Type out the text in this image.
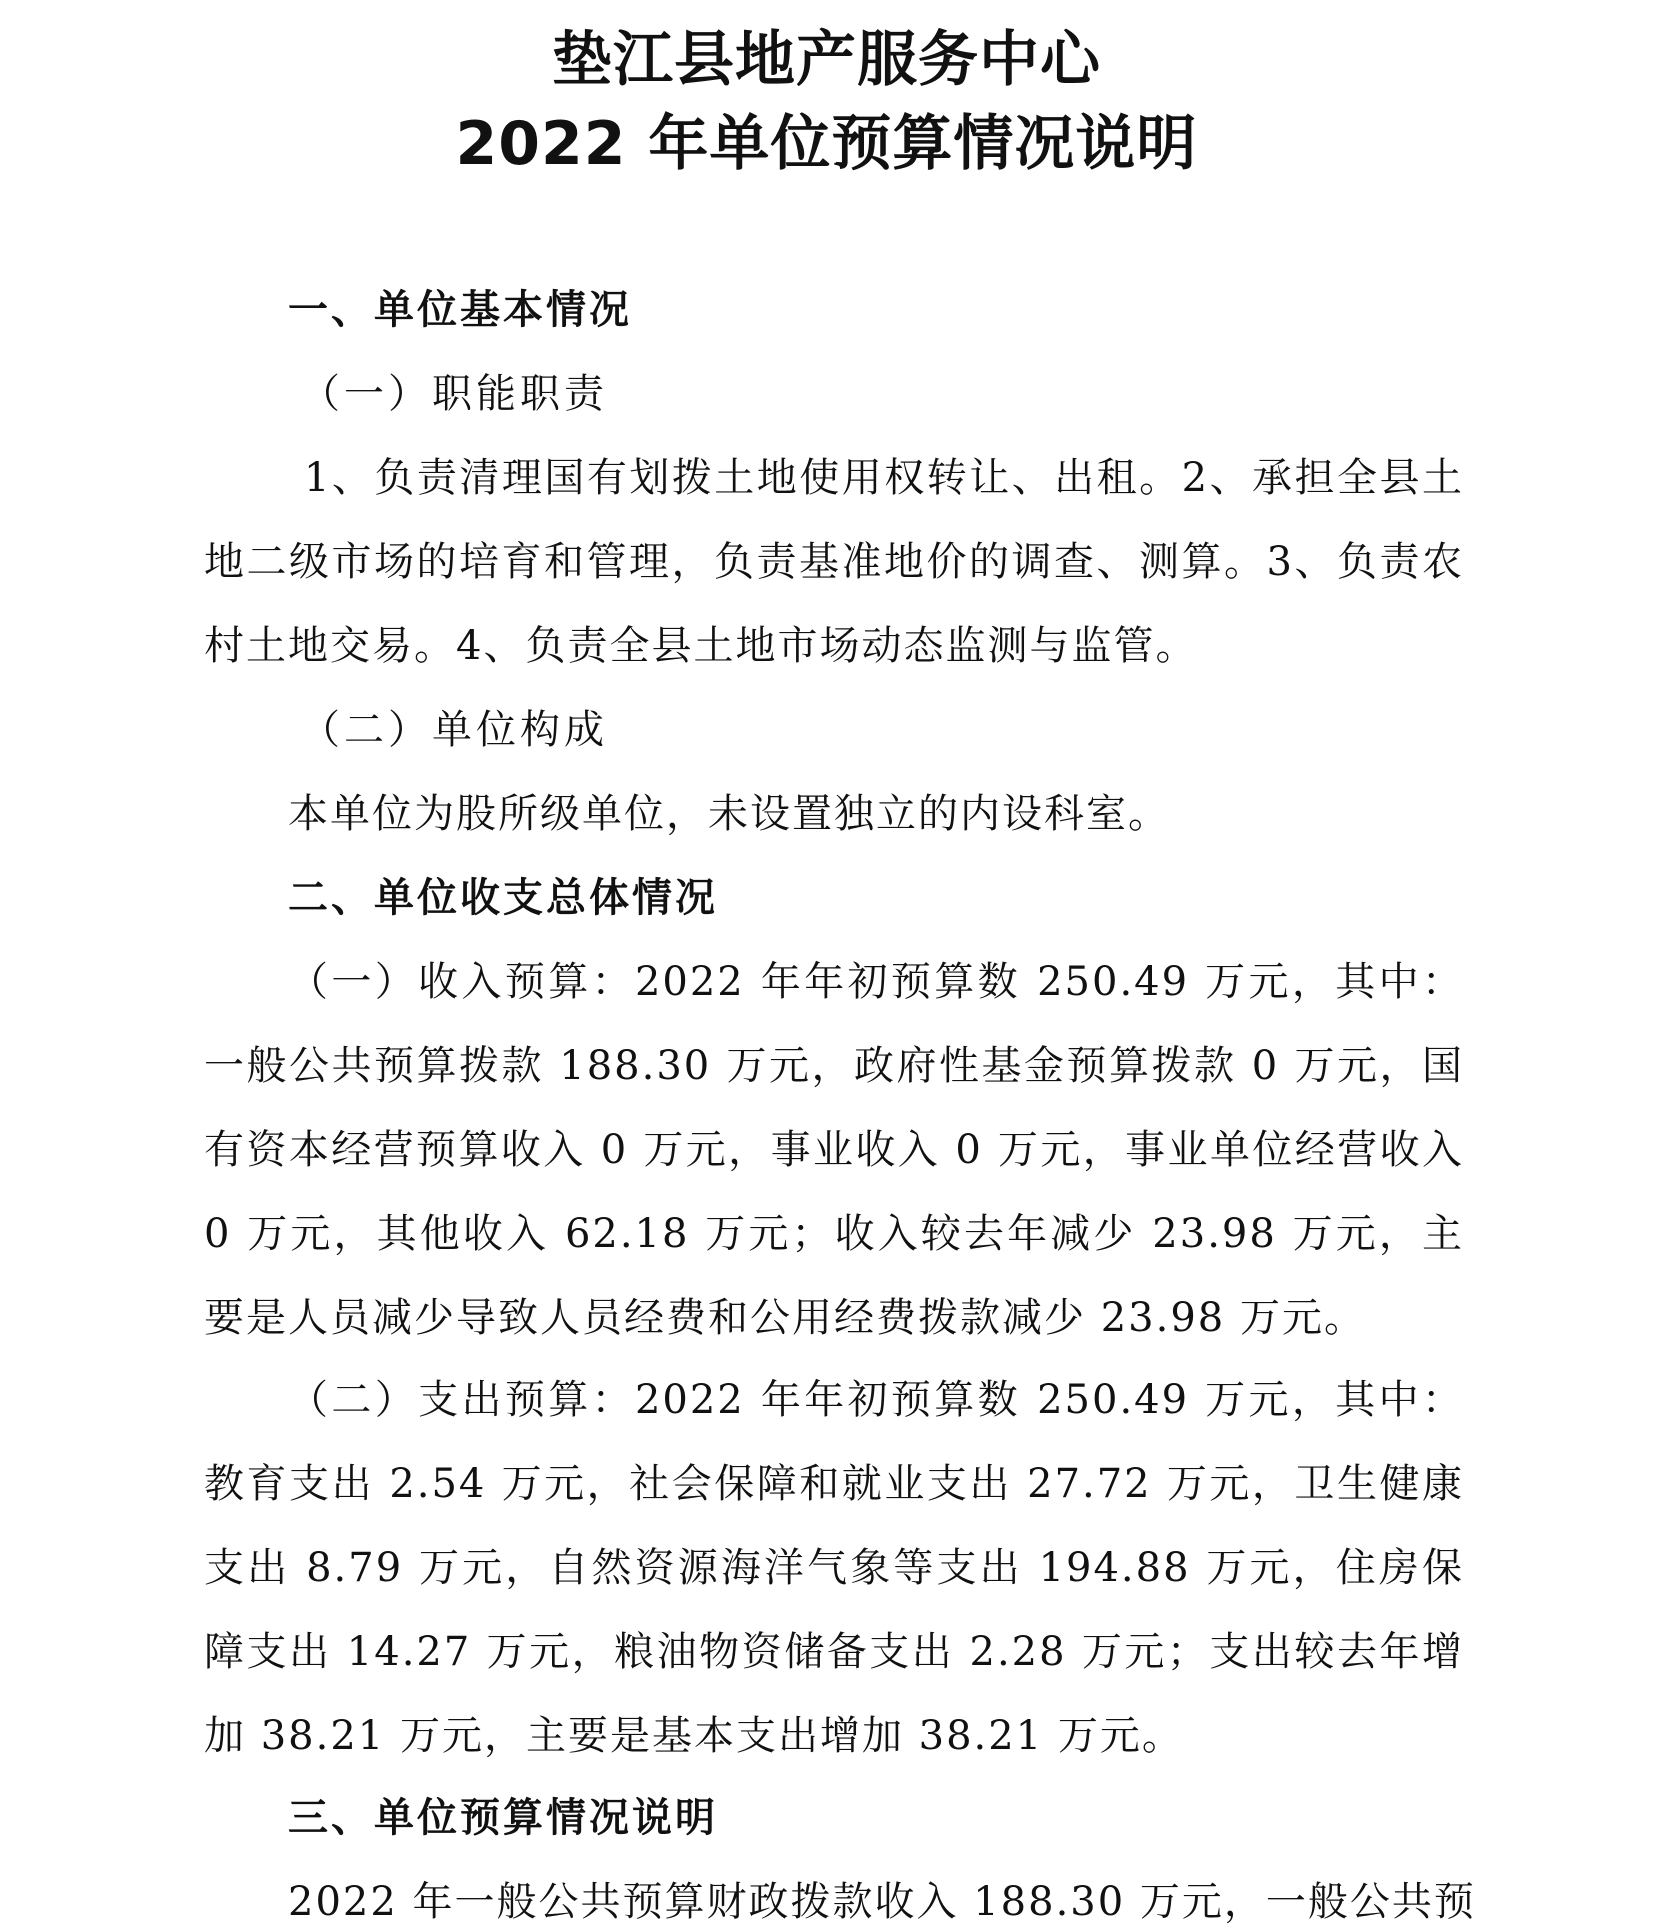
垫江县地产服务中心
2022 年单位预算情况说明
一、单位基本情况
（一）职能职责
1、负责清理国有划拨土地使用权转让、出租。2、承担全县土地二级市场的培育和管理，负责基准地价的调查、测算。3、负责农村土地交易。4、负责全县土地市场动态监测与监管。
（二）单位构成
本单位为股所级单位，未设置独立的内设科室。
二、单位收支总体情况
（一）收入预算：2022 年年初预算数 250.49 万元，其中：一般公共预算拨款 188.30 万元，政府性基金预算拨款 0 万元，国有资本经营预算收入 0 万元，事业收入 0 万元，事业单位经营收入 0 万元，其他收入 62.18 万元；收入较去年减少 23.98 万元，主要是人员减少导致人员经费和公用经费拨款减少 23.98 万元。
（二）支出预算：2022 年年初预算数 250.49 万元，其中：教育支出 2.54 万元，社会保障和就业支出 27.72 万元，卫生健康支出 8.79 万元，自然资源海洋气象等支出 194.88 万元，住房保障支出 14.27 万元，粮油物资储备支出 2.28 万元；支出较去年增加 38.21 万元，主要是基本支出增加 38.21 万元。
三、单位预算情况说明
2022 年一般公共预算财政拨款收入 188.30 万元，一般公共预
